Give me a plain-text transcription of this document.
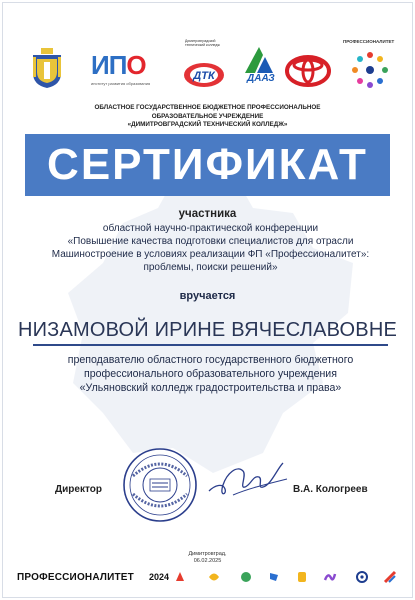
ИПО
институт развития образования
Димитровградский технический колледж
ДТК	ДААЗ
ПРОФЕССИОНАЛИТЕТ
ОБЛАСТНОЕ ГОСУДАРСТВЕННОЕ БЮДЖЕТНОЕ ПРОФЕССИОНАЛЬНОЕ
ОБРАЗОВАТЕЛЬНОЕ УЧРЕЖДЕНИЕ
«ДИМИТРОВГРАДСКИЙ ТЕХНИЧЕСКИЙ КОЛЛЕДЖ»
СЕРТИФИКАТ
участника
областной научно-практической конференции
«Повышение качества подготовки специалистов для отрасли
Машиностроение в условиях реализации ФП «Профессионалитет»:
проблемы, поиски решений»
вручается
НИЗАМОВОЙ ИРИНЕ ВЯЧЕСЛАВОВНЕ
преподавателю областного государственного бюджетного
профессионального образовательного учреждения
«Ульяновский колледж градостроительства и права»
Директор	В.А. Кологреев
Димитровград,
06.02.2025
ПРОФЕССИОНАЛИТЕТ 2024
